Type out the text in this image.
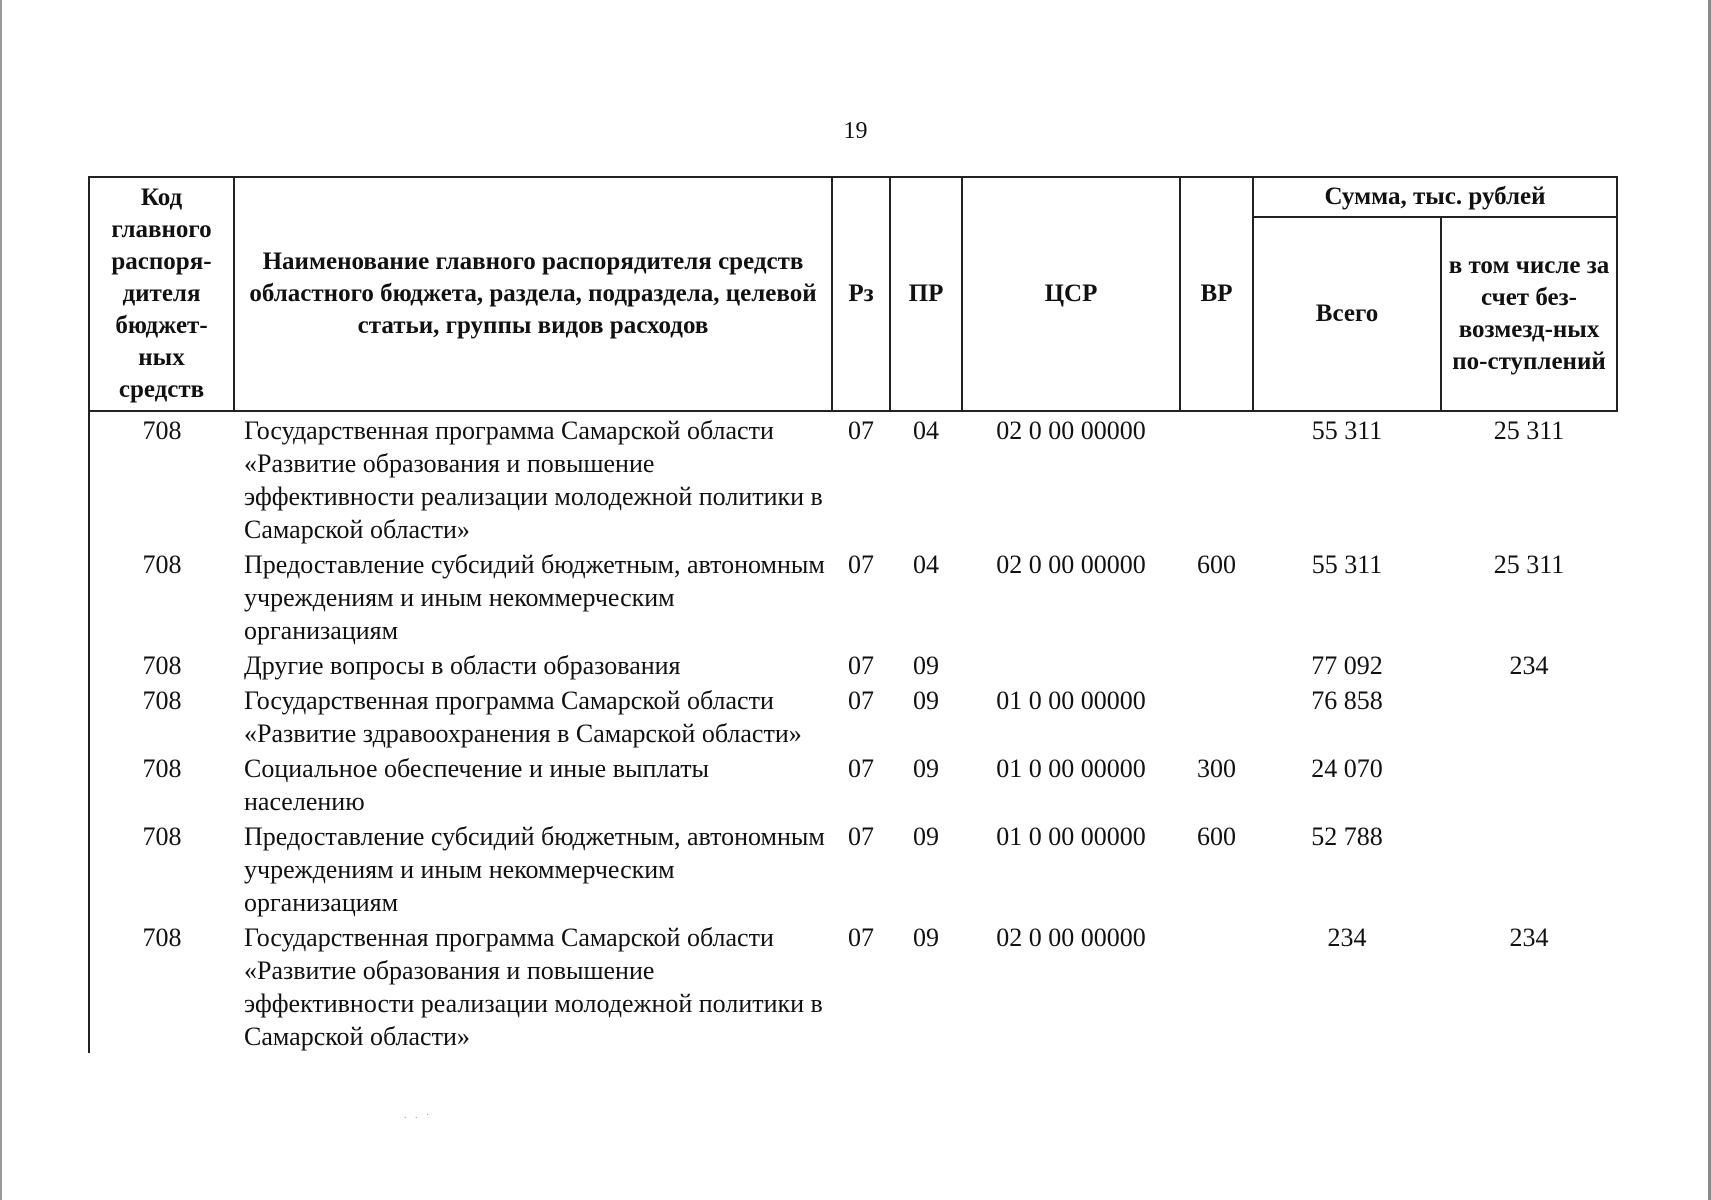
19
Код главного распоря-дителя бюджет-ных средств	Наименование главного распорядителя средств областного бюджета, раздела, подраздела, целевой статьи, группы видов расходов	Рз	ПР	ЦСР	ВР	Сумма, тыс. рублей	
						Всего	в том числе за счет без-возмезд-ных по-ступлений
708	Государственная программа Самарской области «Развитие образования и повышение эффективности реализации молодежной политики в Самарской области»	07	04	02 0 00 00000		55 311	25 311
708	Предоставление субсидий бюджетным, автономным учреждениям и иным некоммерческим организациям	07	04	02 0 00 00000	600	55 311	25 311
708	Другие вопросы в области образования	07	09			77 092	234
708	Государственная программа Самарской области «Развитие здравоохранения в Самарской области»	07	09	01 0 00 00000		76 858	
708	Социальное обеспечение и иные выплаты населению	07	09	01 0 00 00000	300	24 070	
708	Предоставление субсидий бюджетным, автономным учреждениям и иным некоммерческим организациям	07	09	01 0 00 00000	600	52 788	
708	Государственная программа Самарской области «Развитие образования и повышение эффективности реализации молодежной политики в Самарской области»	07	09	02 0 00 00000		234	234
. . ·
